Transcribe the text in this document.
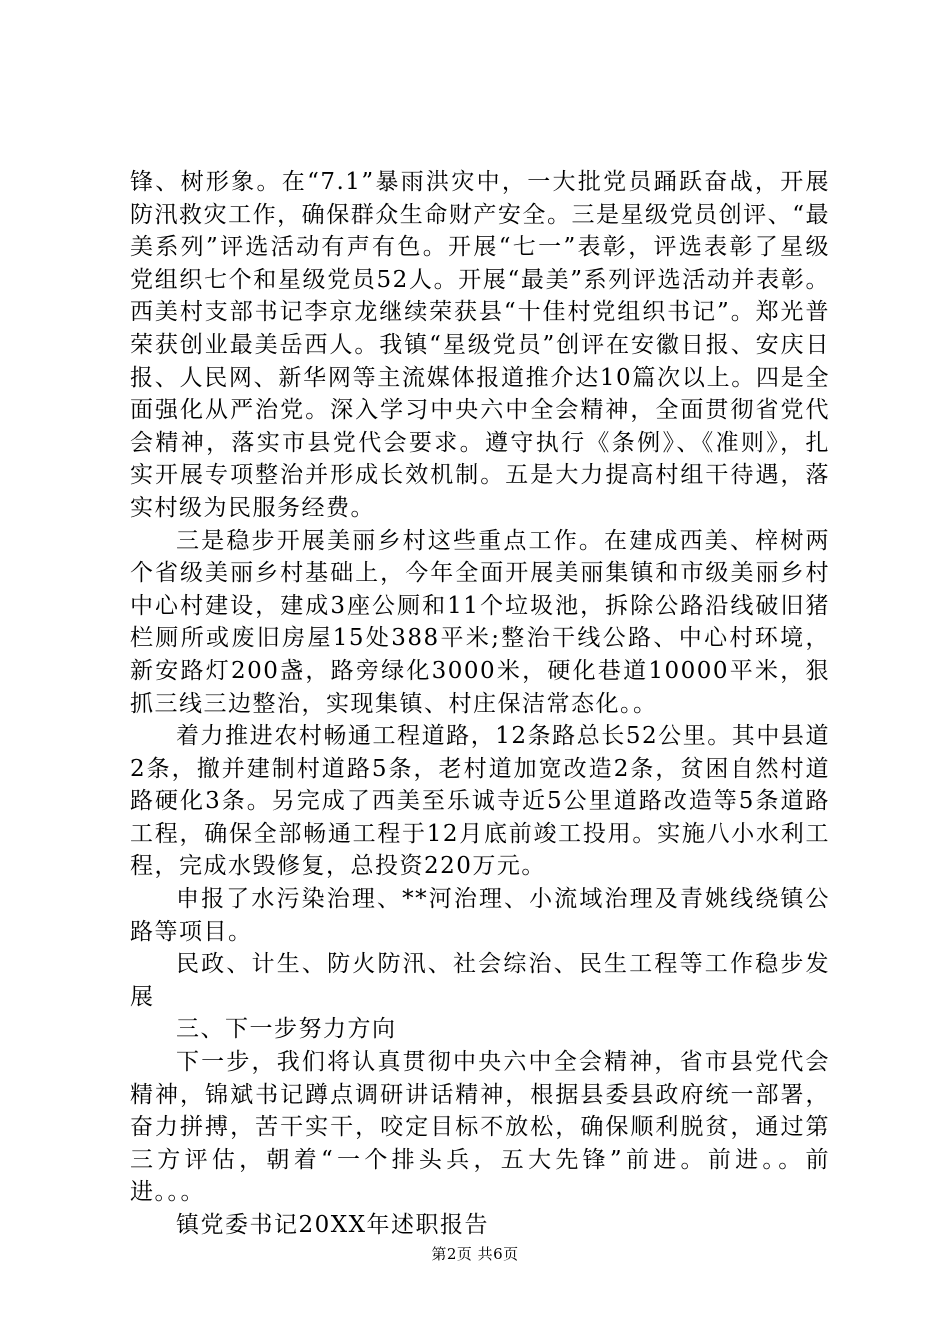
锋、树形象。在“7.1”暴雨洪灾中，一大批党员踊跃奋战，开展防汛救灾工作，确保群众生命财产安全。三是星级党员创评、“最美系列”评选活动有声有色。开展“七一”表彰，评选表彰了星级党组织七个和星级党员52人。开展“最美”系列评选活动并表彰。西美村支部书记李京龙继续荣获县“十佳村党组织书记”。郑光普荣获创业最美岳西人。我镇“星级党员”创评在安徽日报、安庆日报、人民网、新华网等主流媒体报道推介达10篇次以上。四是全面强化从严治党。深入学习中央六中全会精神，全面贯彻省党代会精神，落实市县党代会要求。遵守执行《条例》、《准则》，扎实开展专项整治并形成长效机制。五是大力提高村组干待遇，落实村级为民服务经费。

三是稳步开展美丽乡村这些重点工作。在建成西美、梓树两个省级美丽乡村基础上，今年全面开展美丽集镇和市级美丽乡村中心村建设，建成3座公厕和11个垃圾池，拆除公路沿线破旧猪栏厕所或废旧房屋15处388平米;整治干线公路、中心村环境，新安路灯200盏，路旁绿化3000米，硬化巷道10000平米，狠抓三线三边整治，实现集镇、村庄保洁常态化。。

着力推进农村畅通工程道路，12条路总长52公里。其中县道2条，撤并建制村道路5条，老村道加宽改造2条，贫困自然村道路硬化3条。另完成了西美至乐诚寺近5公里道路改造等5条道路工程，确保全部畅通工程于12月底前竣工投用。实施八小水利工程，完成水毁修复，总投资220万元。

申报了水污染治理、**河治理、小流域治理及青姚线绕镇公路等项目。

民政、计生、防火防汛、社会综治、民生工程等工作稳步发展

三、下一步努力方向

下一步，我们将认真贯彻中央六中全会精神，省市县党代会精神，锦斌书记蹲点调研讲话精神，根据县委县政府统一部署，奋力拼搏，苦干实干，咬定目标不放松，确保顺利脱贫，通过第三方评估，朝着“一个排头兵，五大先锋”前进。前进。。前进。。。

镇党委书记20XX年述职报告

第2页 共6页
